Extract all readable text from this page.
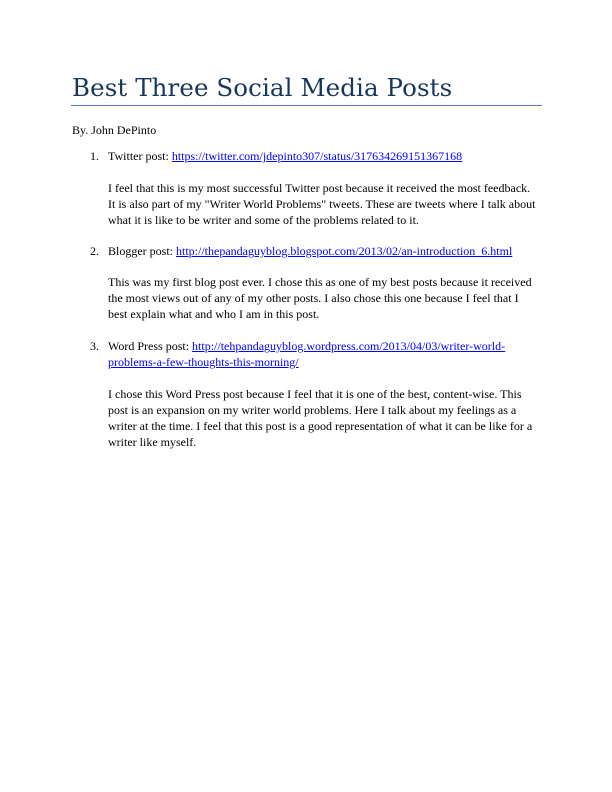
Best Three Social Media Posts
By. John DePinto
1. Twitter post: https://twitter.com/jdepinto307/status/317634269151367168
I feel that this is my most successful Twitter post because it received the most feedback.
It is also part of my "Writer World Problems" tweets. These are tweets where I talk about
what it is like to be writer and some of the problems related to it.
2. Blogger post: http://thepandaguyblog.blogspot.com/2013/02/an-introduction_6.html
This was my first blog post ever. I chose this as one of my best posts because it received
the most views out of any of my other posts. I also chose this one because I feel that I
best explain what and who I am in this post.
3. Word Press post: http://tehpandaguyblog.wordpress.com/2013/04/03/writer-world-
problems-a-few-thoughts-this-morning/
I chose this Word Press post because I feel that it is one of the best, content-wise. This
post is an expansion on my writer world problems. Here I talk about my feelings as a
writer at the time. I feel that this post is a good representation of what it can be like for a
writer like myself.
